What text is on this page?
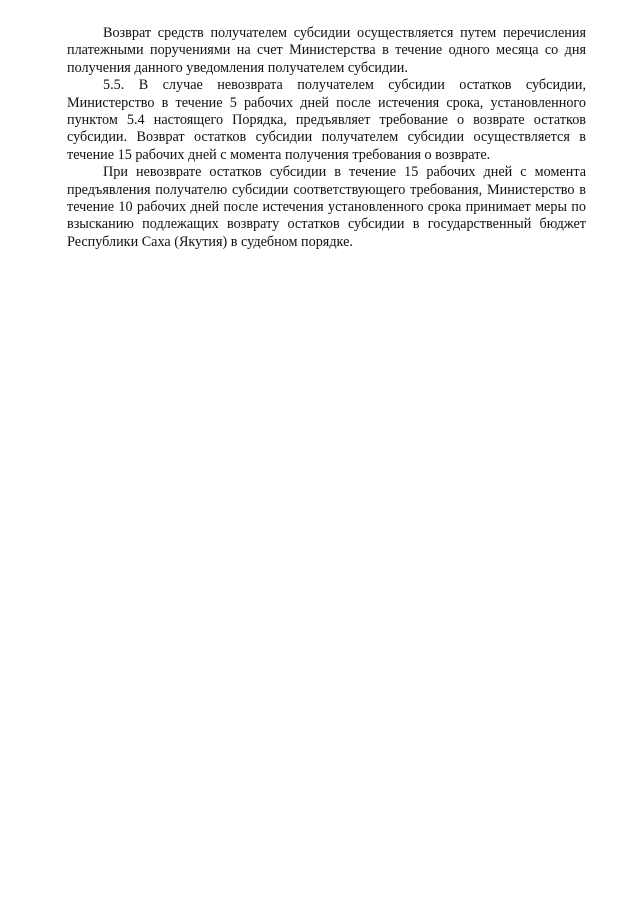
Возврат средств получателем субсидии осуществляется путем перечисления платежными поручениями на счет Министерства в течение одного месяца со дня получения данного уведомления получателем субсидии.

5.5. В случае невозврата получателем субсидии остатков субсидии, Министерство в течение 5 рабочих дней после истечения срока, установленного пунктом 5.4 настоящего Порядка, предъявляет требование о возврате остатков субсидии. Возврат остатков субсидии получателем субсидии осуществляется в течение 15 рабочих дней с момента получения требования о возврате.

При невозврате остатков субсидии в течение 15 рабочих дней с момента предъявления получателю субсидии соответствующего требования, Министерство в течение 10 рабочих дней после истечения установленного срока принимает меры по взысканию подлежащих возврату остатков субсидии в государственный бюджет Республики Саха (Якутия) в судебном порядке.
